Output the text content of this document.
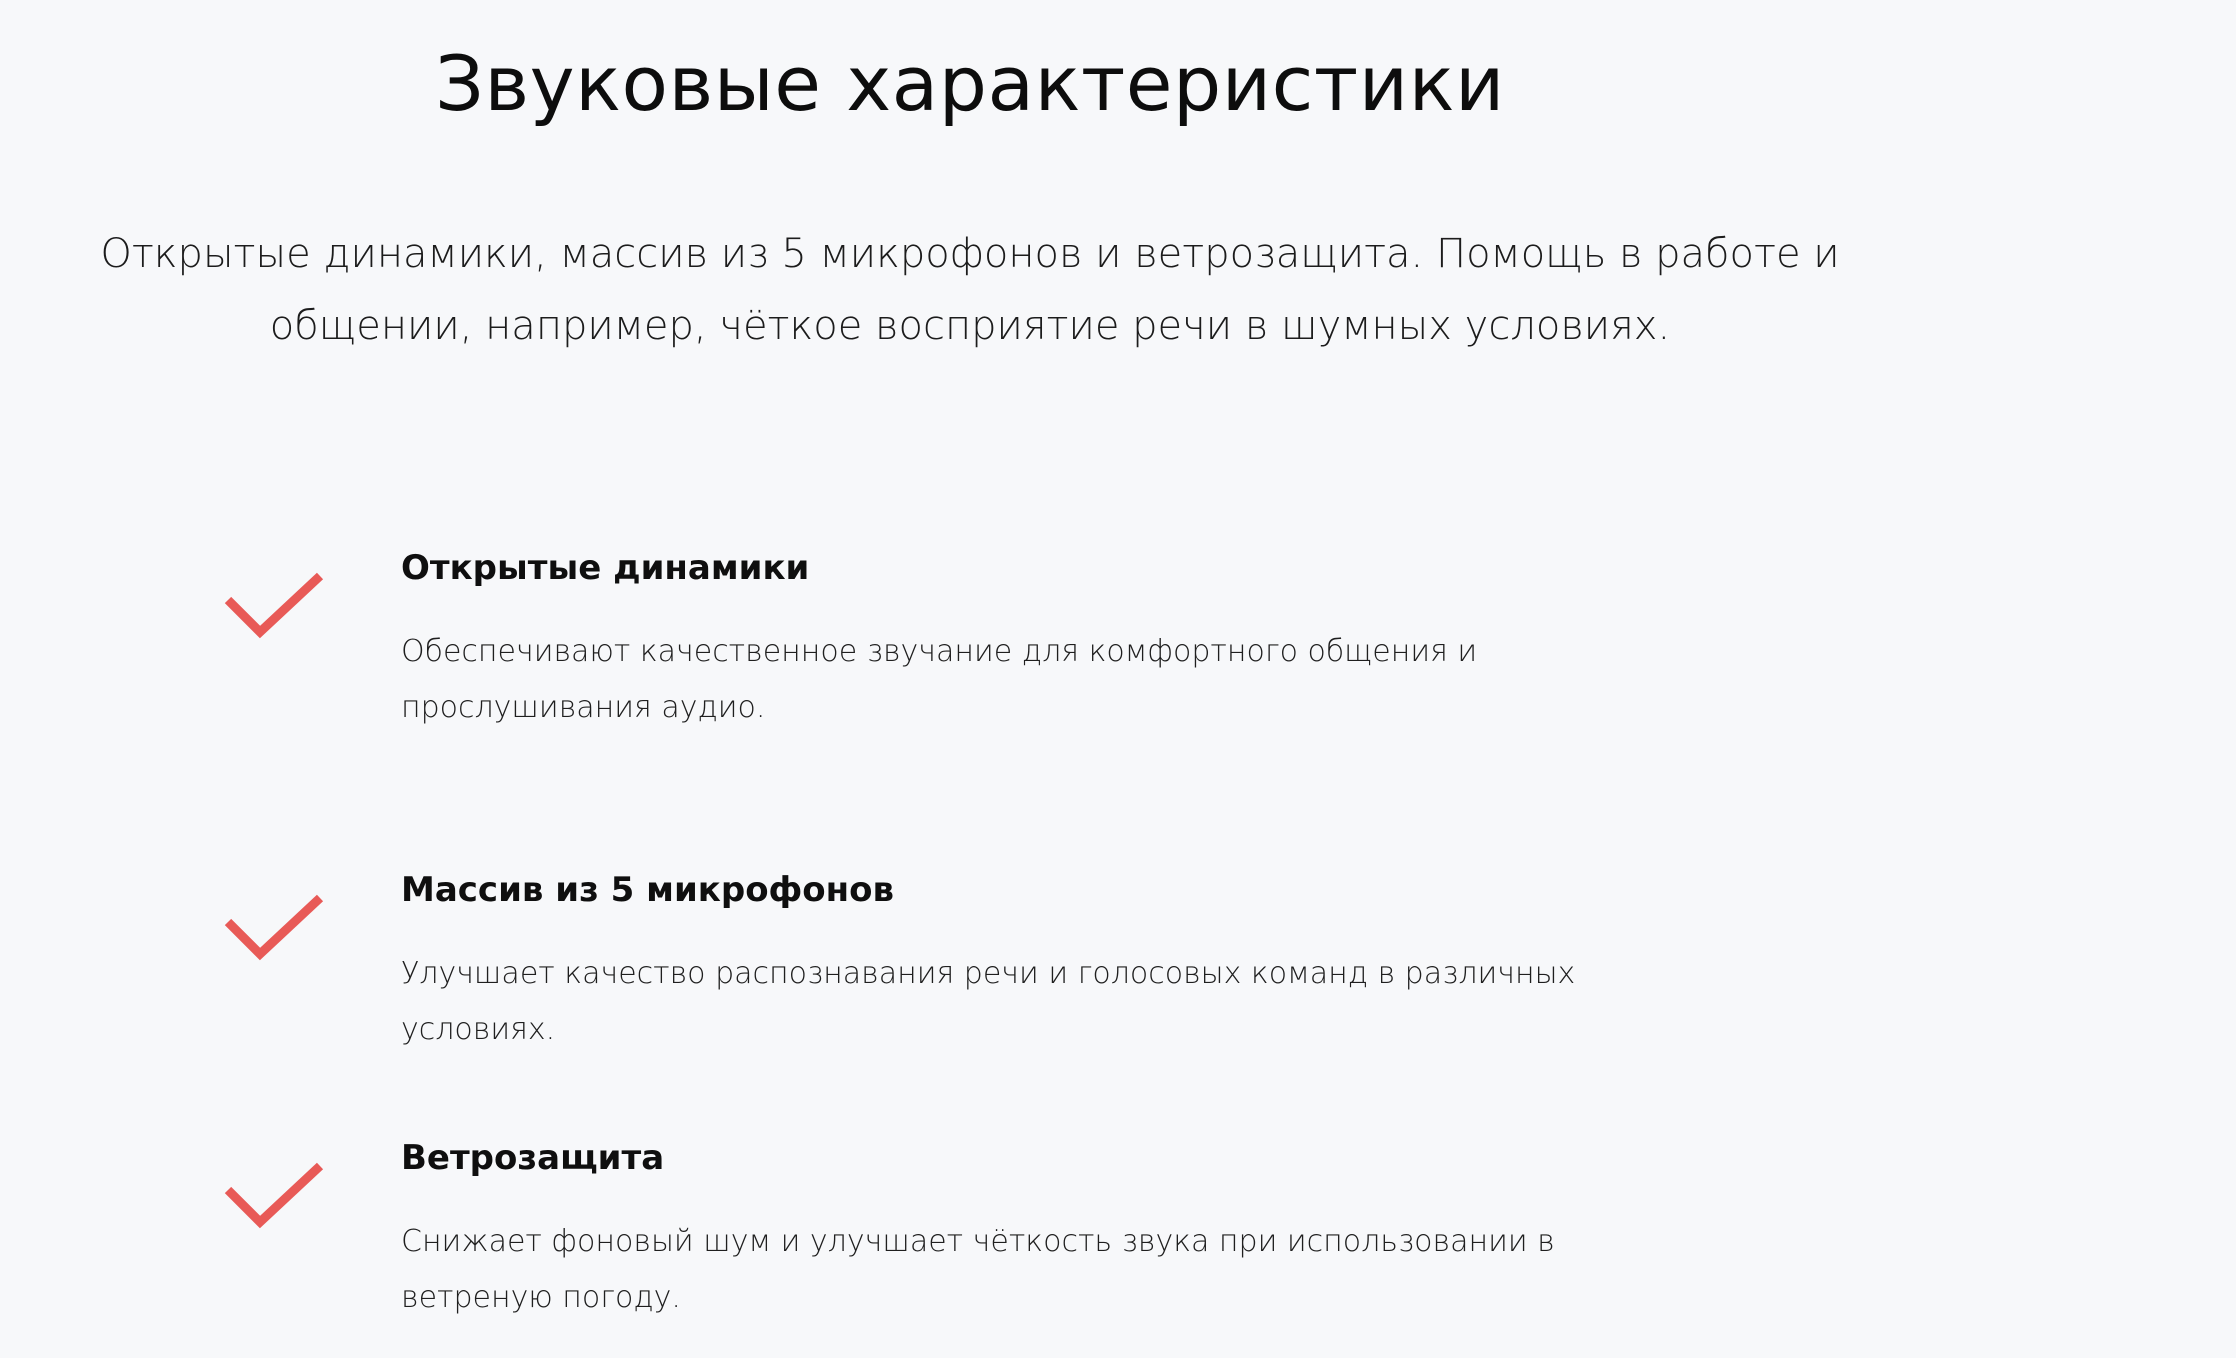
Звуковые характеристики

Открытые динамики, массив из 5 микрофонов и ветрозащита. Помощь в работе и общении, например, чёткое восприятие речи в шумных условиях.

Открытые динамики

Обеспечивают качественное звучание для комфортного общения и прослушивания аудио.

Массив из 5 микрофонов

Улучшает качество распознавания речи и голосовых команд в различных условиях.

Ветрозащита

Снижает фоновый шум и улучшает чёткость звука при использовании в ветреную погоду.
